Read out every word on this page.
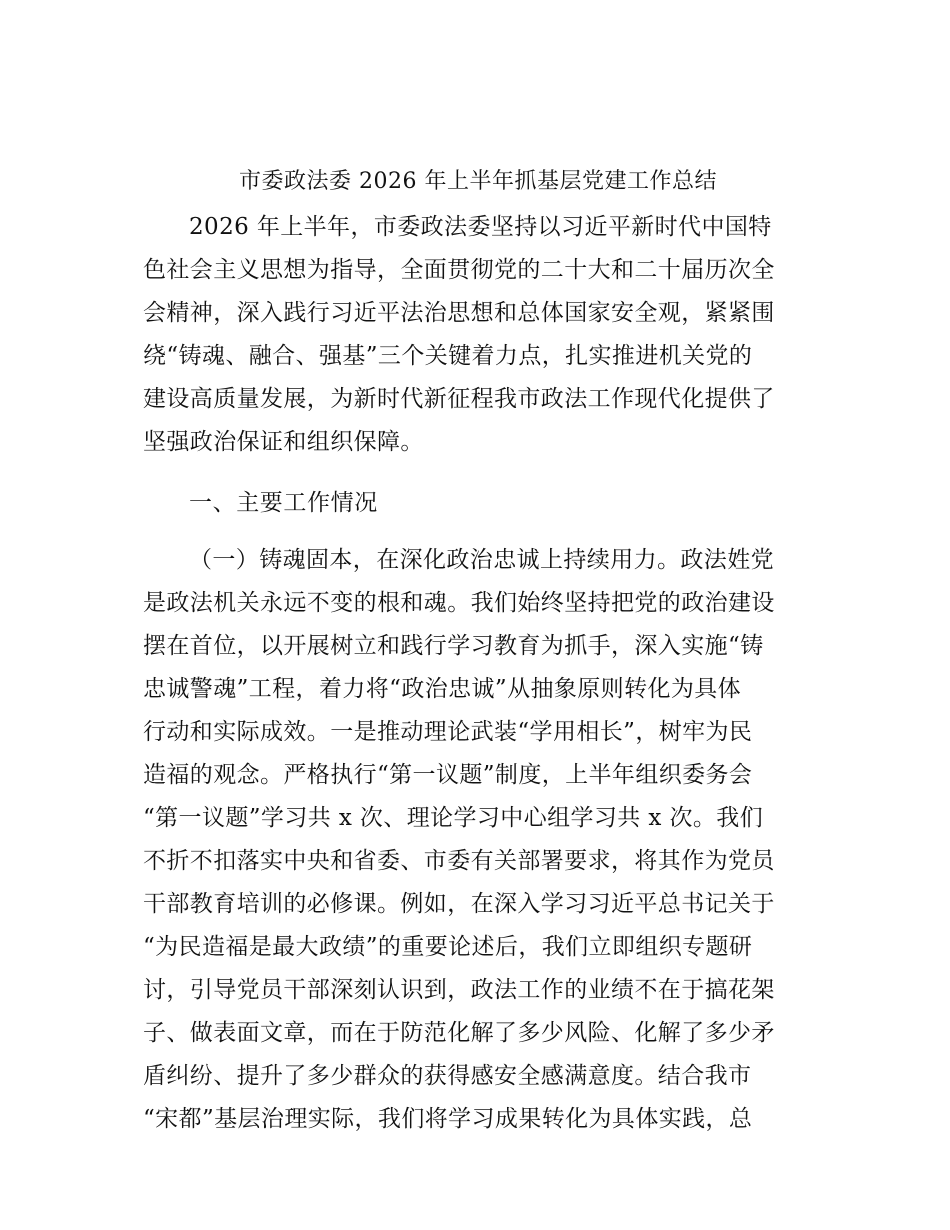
市委政法委 2026 年上半年抓基层党建工作总结
2026 年上半年，市委政法委坚持以习近平新时代中国特
色社会主义思想为指导，全面贯彻党的二十大和二十届历次全
会精神，深入践行习近平法治思想和总体国家安全观，紧紧围
绕“铸魂、融合、强基”三个关键着力点，扎实推进机关党的
建设高质量发展，为新时代新征程我市政法工作现代化提供了
坚强政治保证和组织保障。
一、主要工作情况
（一）铸魂固本，在深化政治忠诚上持续用力。政法姓党
是政法机关永远不变的根和魂。我们始终坚持把党的政治建设
摆在首位，以开展树立和践行学习教育为抓手，深入实施“铸
忠诚警魂”工程，着力将“政治忠诚”从抽象原则转化为具体
行动和实际成效。一是推动理论武装“学用相长”，树牢为民
造福的观念。严格执行“第一议题”制度，上半年组织委务会
“第一议题”学习共 x 次、理论学习中心组学习共 x 次。我们
不折不扣落实中央和省委、市委有关部署要求，将其作为党员
干部教育培训的必修课。例如，在深入学习习近平总书记关于
“为民造福是最大政绩”的重要论述后，我们立即组织专题研
讨，引导党员干部深刻认识到，政法工作的业绩不在于搞花架
子、做表面文章，而在于防范化解了多少风险、化解了多少矛
盾纠纷、提升了多少群众的获得感安全感满意度。结合我市
“宋都”基层治理实际，我们将学习成果转化为具体实践，总
